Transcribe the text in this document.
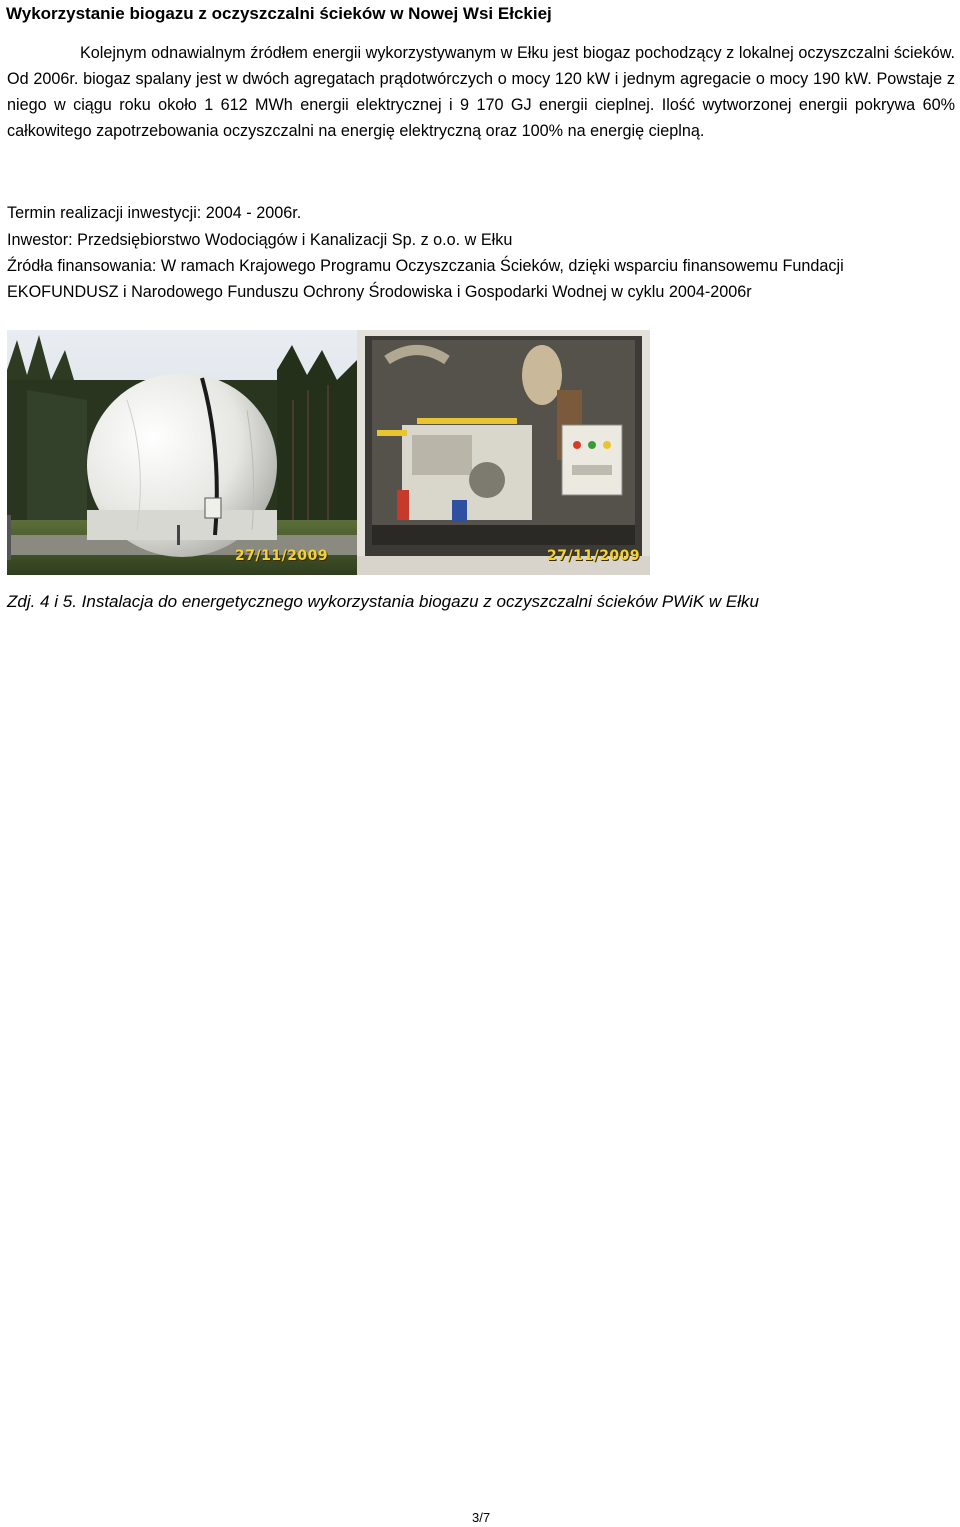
Wykorzystanie biogazu z oczyszczalni ścieków w Nowej Wsi Ełckiej

Kolejnym odnawialnym źródłem energii wykorzystywanym w Ełku jest biogaz pochodzący z lokalnej oczyszczalni ścieków. Od 2006r. biogaz spalany jest w dwóch agregatach prądotwórczych o mocy 120 kW i jednym agregacie o mocy 190 kW. Powstaje z niego w ciągu roku około 1 612 MWh energii elektrycznej i 9 170 GJ energii cieplnej. Ilość wytworzonej energii pokrywa 60% całkowitego zapotrzebowania oczyszczalni na energię elektryczną oraz 100% na energię cieplną.

Termin realizacji inwestycji: 2004 - 2006r.

Inwestor: Przedsiębiorstwo Wodociągów i Kanalizacji Sp. z o.o. w Ełku

Źródła finansowania: W ramach Krajowego Programu Oczyszczania Ścieków, dzięki wsparciu finansowemu Fundacji EKOFUNDUSZ i Narodowego Funduszu Ochrony Środowiska i Gospodarki Wodnej w cyklu 2004-2006r

27/11/2009	27/11/2009

Zdj. 4 i 5. Instalacja do energetycznego wykorzystania biogazu z oczyszczalni ścieków PWiK w Ełku

3/7
